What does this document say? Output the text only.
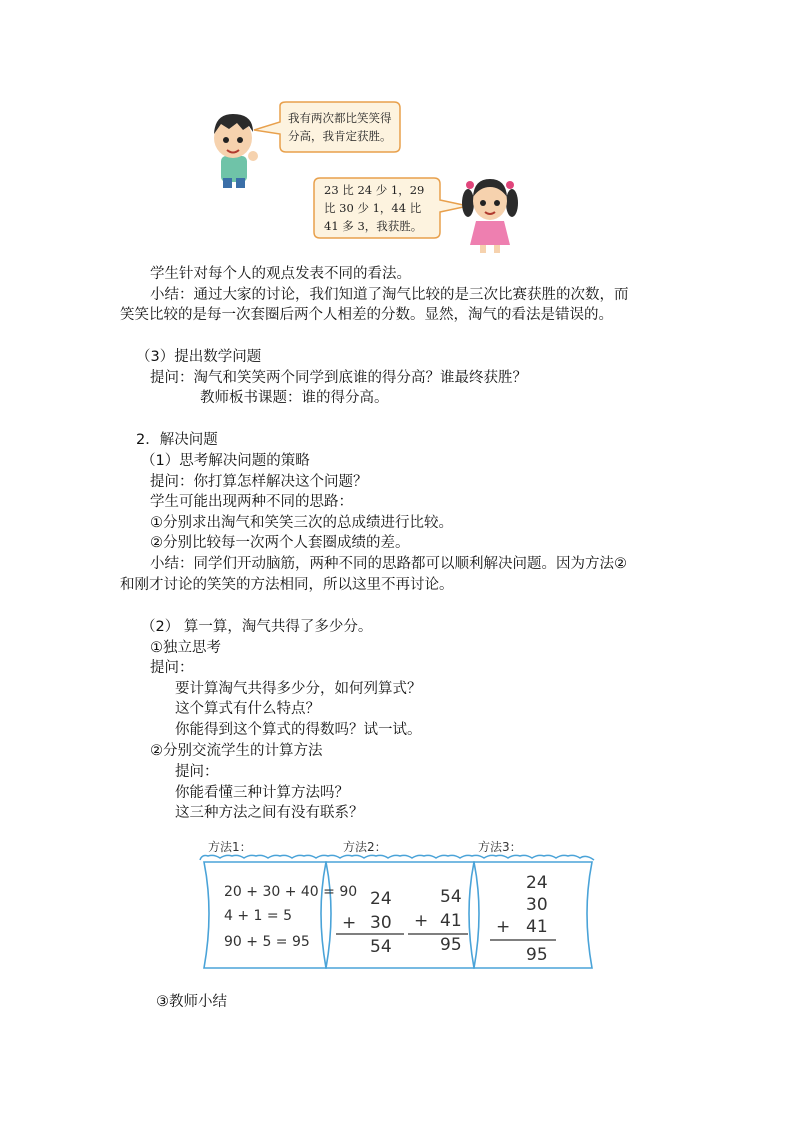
我有两次都比笑笑得
分高，我肯定获胜。
23 比 24 少 1，29
比 30 少 1，44 比
41 多 3，我获胜。
学生针对每个人的观点发表不同的看法。
小结：通过大家的讨论，我们知道了淘气比较的是三次比赛获胜的次数，而
笑笑比较的是每一次套圈后两个人相差的分数。显然，淘气的看法是错误的。
（3）提出数学问题
提问：淘气和笑笑两个同学到底谁的得分高？谁最终获胜？
教师板书课题：谁的得分高。
2．解决问题
（1）思考解决问题的策略
提问：你打算怎样解决这个问题？
学生可能出现两种不同的思路：
①分别求出淘气和笑笑三次的总成绩进行比较。
②分别比较每一次两个人套圈成绩的差。
小结：同学们开动脑筋，两种不同的思路都可以顺利解决问题。因为方法②
和刚才讨论的笑笑的方法相同，所以这里不再讨论。
（2） 算一算，淘气共得了多少分。
①独立思考
提问：
要计算淘气共得多少分，如何列算式？
这个算式有什么特点？
你能得到这个算式的得数吗？试一试。
②分别交流学生的计算方法
提问：
你能看懂三种计算方法吗？
这三种方法之间有没有联系？
方法1：	方法2：	方法3：
20 + 30 + 40 = 90
4 + 1 = 5
90 + 5 = 95
24
+ 30
54
54
+ 41
95
24
30
+ 41
95
③教师小结
